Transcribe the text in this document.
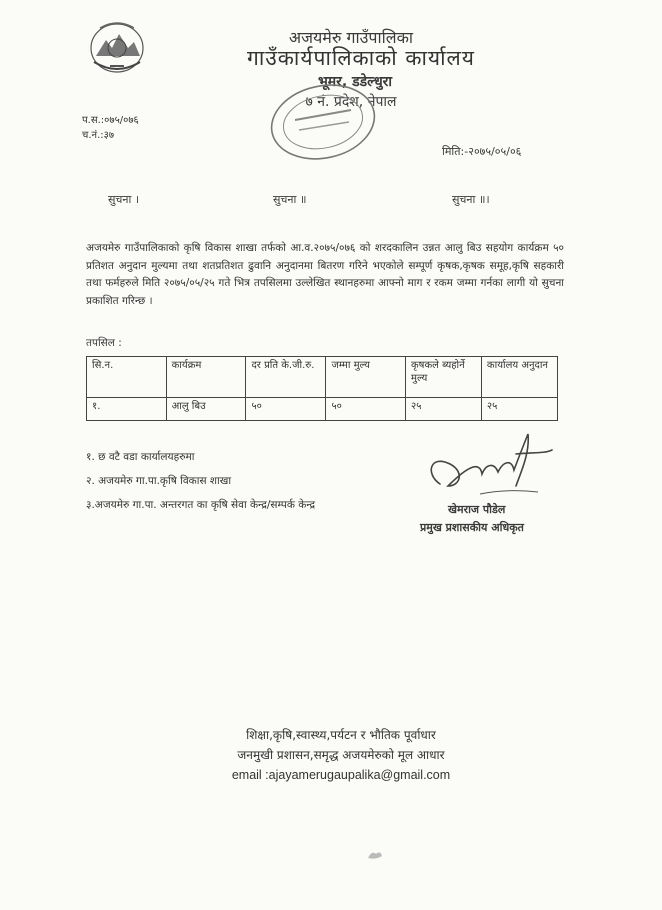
अजयमेरु गाउँपालिका
गाउँकार्यपालिकाको कार्यालय
भूमर, डडेल्धुरा
७ नं. प्रदेश, नेपाल
प.स.:०७५/०७६
च.नं.:३७
मिति:-२०७५/०५/०६
सुचना ।	सुचना ॥	सुचना ॥।
अजयमेरु गाउँपालिकाको कृषि विकास शाखा तर्फको आ.व.२०७५/०७६ को शरदकालिन उन्नत आलु बिउ सहयोग कार्यक्रम ५० प्रतिशत अनुदान मुल्यमा तथा शतप्रतिशत ढुवानि अनुदानमा बितरण गरिने भएकोले सम्पूर्ण कृषक,कृषक समूह,कृषि सहकारी तथा फर्महरुले मिति २०७५/०५/२५ गते भित्र तपसिलमा उल्लेखित स्थानहरुमा आफ्नो माग र रकम जम्मा गर्नका लागी यो सुचना प्रकाशित गरिन्छ ।
तपसिल :
सि.न.	कार्यक्रम	दर प्रति के.जी.रु.	जम्मा मुल्य	कृषकले ब्यहोर्ने मुल्य	कार्यालय अनुदान
१.	आलु बिउ	५०	५०	२५	२५
१. छ वटै वडा कार्यालयहरुमा
२. अजयमेरु गा.पा.कृषि विकास शाखा
३.अजयमेरु गा.पा. अन्तरगत का कृषि सेवा केन्द्र/सम्पर्क केन्द्र	खेमराज पौडेल
प्रमुख प्रशासकीय अधिकृत
शिक्षा,कृषि,स्वास्थ्य,पर्यटन र भौतिक पूर्वाधार
जनमुखी प्रशासन,समृद्ध अजयमेरुको मूल आधार
email :ajayamerugaupalika@gmail.com
